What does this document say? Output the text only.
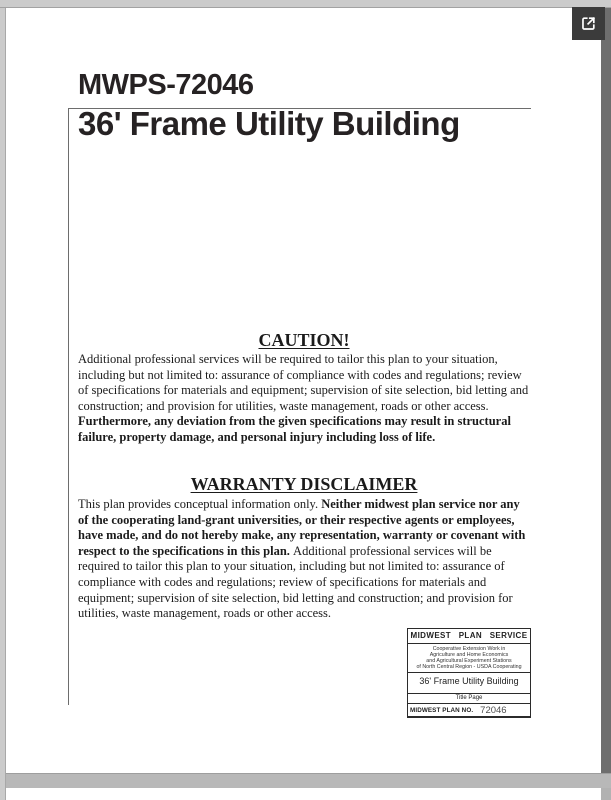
MWPS-72046
36' Frame Utility Building
CAUTION!

Additional professional services will be required to tailor this plan to your situation, including but not limited to: assurance of compliance with codes and regulations; review of specifications for materials and equipment; supervision of site selection, bid letting and construction; and provision for utilities, waste management, roads or other access. Furthermore, any deviation from the given specifications may result in structural failure, property damage, and personal injury including loss of life.

WARRANTY DISCLAIMER

This plan provides conceptual information only. Neither midwest plan service nor any of the cooperating land-grant universities, or their respective agents or employees, have made, and do not hereby make, any representation, warranty or covenant with respect to the specifications in this plan. Additional professional services will be required to tailor this plan to your situation, including but not limited to: assurance of compliance with codes and regulations; review of specifications for materials and equipment; supervision of site selection, bid letting and construction; and provision for utilities, waste management, roads or other access.

MIDWEST PLAN SERVICE
Cooperative Extension Work in
Agriculture and Home Economics
and Agricultural Experiment Stations
of North Central Region - USDA Cooperating
36' Frame Utility Building
Title Page
MIDWEST PLAN NO. 72046
